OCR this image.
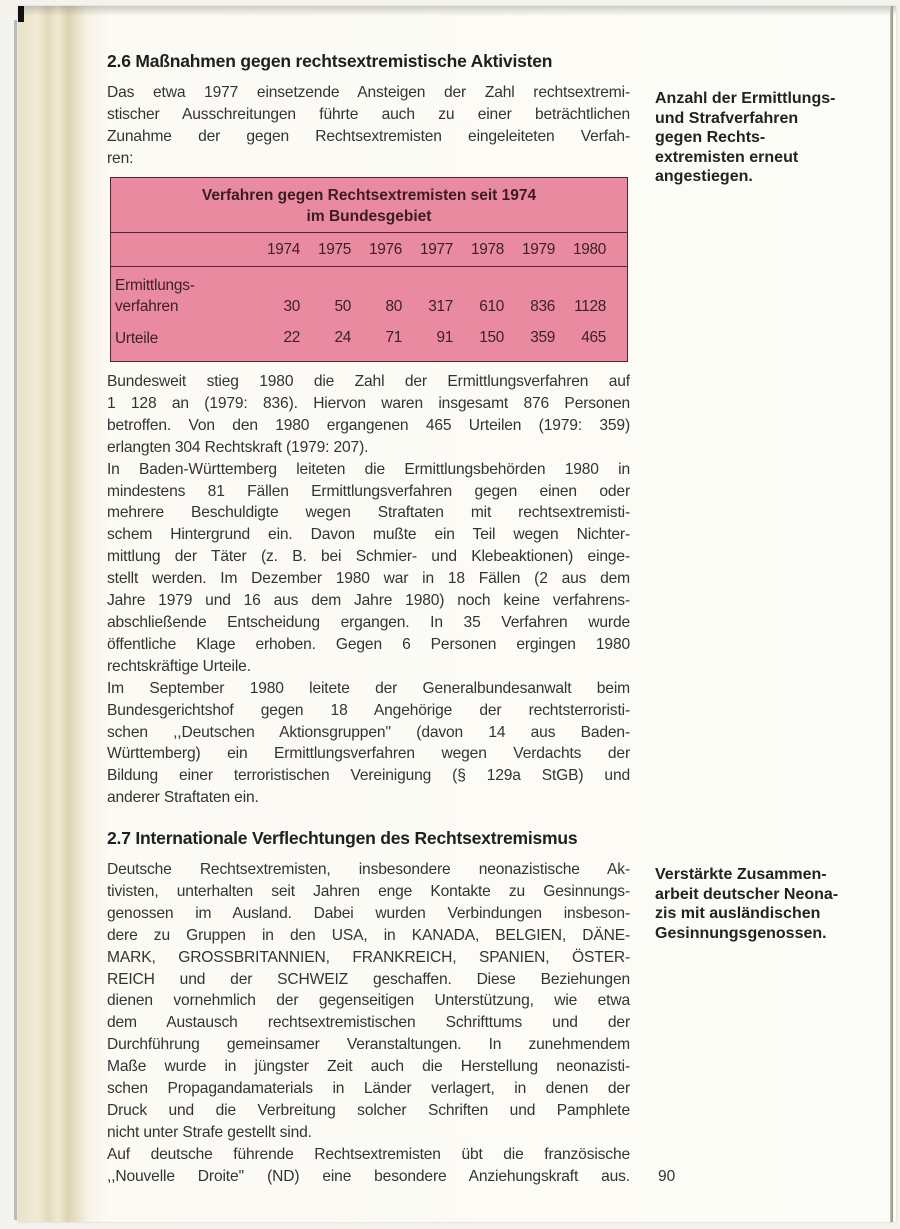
2.6 Maßnahmen gegen rechtsextremistische Aktivisten

Das etwa 1977 einsetzende Ansteigen der Zahl rechtsextremi-

stischer Ausschreitungen führte auch zu einer beträchtlichen

Zunahme der gegen Rechtsextremisten eingeleiteten Verfah-

ren:

Anzahl der Ermittlungs-
und Strafverfahren
gegen Rechts-
extremisten erneut
angestiegen.
Verfahren gegen Rechtsextremisten seit 1974
im Bundesgebiet
1974	1975	1976	1977	1978	1979	1980
Ermittlungs-
verfahren	30	50	80	317	610	836	1128
Urteile	22	24	71	91	150	359	465

Bundesweit stieg 1980 die Zahl der Ermittlungsverfahren auf

1 128 an (1979: 836). Hiervon waren insgesamt 876 Personen

betroffen. Von den 1980 ergangenen 465 Urteilen (1979: 359)

erlangten 304 Rechtskraft (1979: 207).

In Baden-Württemberg leiteten die Ermittlungsbehörden 1980 in

mindestens 81 Fällen Ermittlungsverfahren gegen einen oder

mehrere Beschuldigte wegen Straftaten mit rechtsextremisti-

schem Hintergrund ein. Davon mußte ein Teil wegen Nichter-

mittlung der Täter (z. B. bei Schmier- und Klebeaktionen) einge-

stellt werden. Im Dezember 1980 war in 18 Fällen (2 aus dem

Jahre 1979 und 16 aus dem Jahre 1980) noch keine verfahrens-

abschließende Entscheidung ergangen. In 35 Verfahren wurde

öffentliche Klage erhoben. Gegen 6 Personen ergingen 1980

rechtskräftige Urteile.

Im September 1980 leitete der Generalbundesanwalt beim

Bundesgerichtshof gegen 18 Angehörige der rechtsterroristi-

schen ,,Deutschen Aktionsgruppen'' (davon 14 aus Baden-

Württemberg) ein Ermittlungsverfahren wegen Verdachts der

Bildung einer terroristischen Vereinigung (§ 129a StGB) und

anderer Straftaten ein.

2.7 Internationale Verflechtungen des Rechtsextremismus
Verstärkte Zusammen-
arbeit deutscher Neona-
zis mit ausländischen
Gesinnungsgenossen.

Deutsche Rechtsextremisten, insbesondere neonazistische Ak-

tivisten, unterhalten seit Jahren enge Kontakte zu Gesinnungs-

genossen im Ausland. Dabei wurden Verbindungen insbeson-

dere zu Gruppen in den USA, in KANADA, BELGIEN, DÄNE-

MARK, GROSSBRITANNIEN, FRANKREICH, SPANIEN, ÖSTER-

REICH und der SCHWEIZ geschaffen. Diese Beziehungen

dienen vornehmlich der gegenseitigen Unterstützung, wie etwa

dem Austausch rechtsextremistischen Schrifttums und der

Durchführung gemeinsamer Veranstaltungen. In zunehmendem

Maße wurde in jüngster Zeit auch die Herstellung neonazisti-

schen Propagandamaterials in Länder verlagert, in denen der

Druck und die Verbreitung solcher Schriften und Pamphlete

nicht unter Strafe gestellt sind.

Auf deutsche führende Rechtsextremisten übt die französische

,,Nouvelle Droite'' (ND) eine besondere Anziehungskraft aus. 90
